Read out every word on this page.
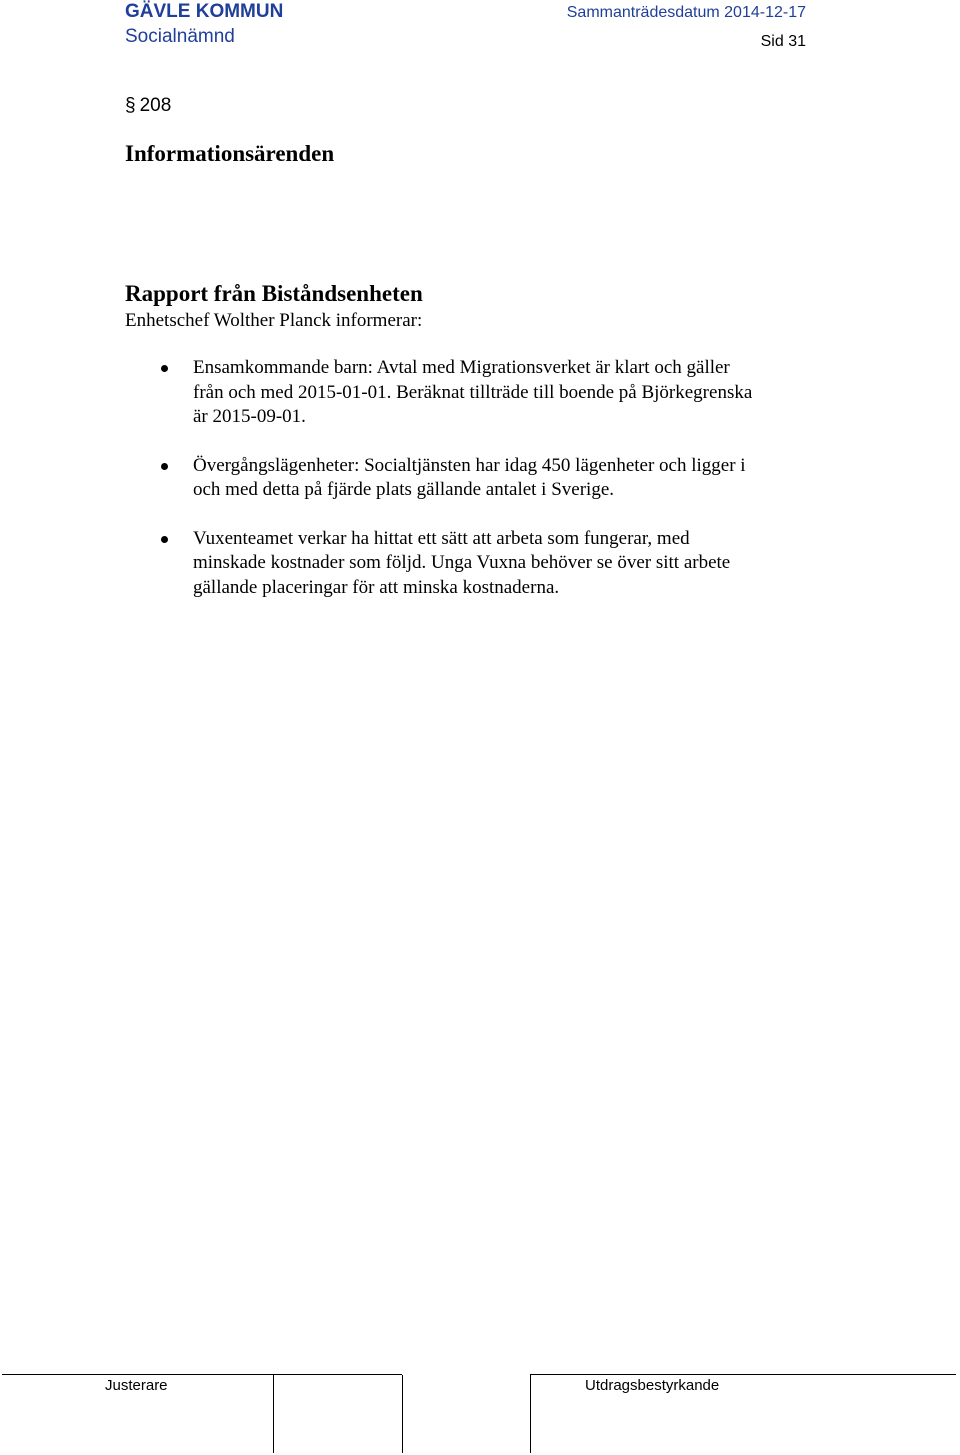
GÄVLE KOMMUN
Socialnämnd
Sammanträdesdatum 2014-12-17
Sid 31
§ 208
Informationsärenden
Rapport från Biståndsenheten
Enhetschef Wolther Planck informerar:
Ensamkommande barn: Avtal med Migrationsverket är klart och gäller
från och med 2015-01-01. Beräknat tillträde till boende på Björkegrenska
är 2015-09-01.
Övergångslägenheter: Socialtjänsten har idag 450 lägenheter och ligger i
och med detta på fjärde plats gällande antalet i Sverige.
Vuxenteamet verkar ha hittat ett sätt att arbeta som fungerar, med
minskade kostnader som följd. Unga Vuxna behöver se över sitt arbete
gällande placeringar för att minska kostnaderna.
Justerare	Utdragsbestyrkande
